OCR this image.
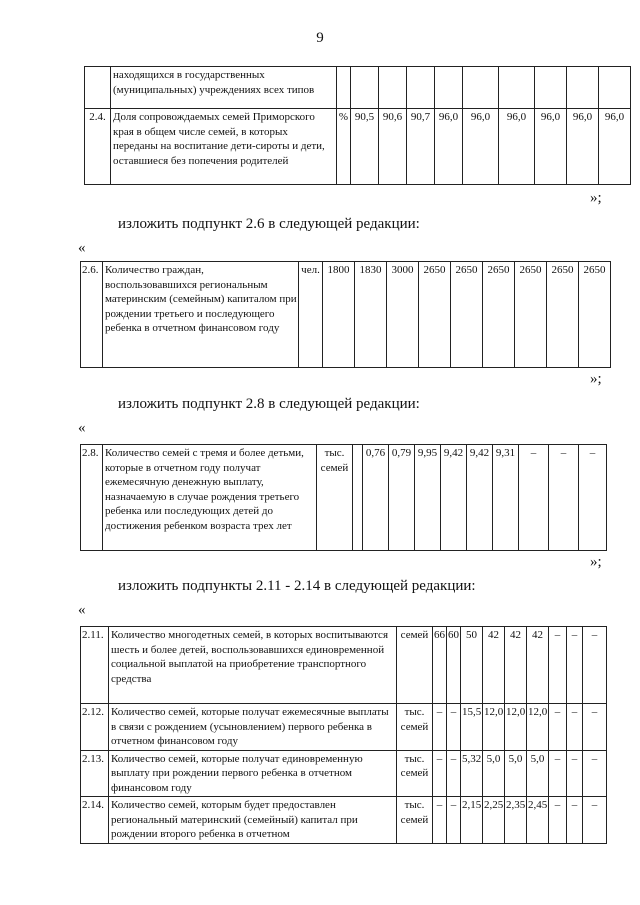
9
	находящихся в государственных (муниципальных) учреждениях всех типов										
2.4.	Доля сопровождаемых семей Приморского края в общем числе семей, в которых переданы на воспитание дети-сироты и дети, оставшиеся без попечения родителей	%	90,5	90,6	90,7	96,0	96,0	96,0	96,0	96,0	96,0
»;
изложить подпункт 2.6 в следующей редакции:
«
2.6.	Количество граждан, воспользовавшихся региональным материнским (семейным) капиталом при рождении третьего и последующего ребенка в отчетном финансовом году	чел.	1800	1830	3000	2650	2650	2650	2650	2650	2650
»;
изложить подпункт 2.8 в следующей редакции:
«
2.8.	Количество семей с тремя и более детьми, которые в отчетном году получат ежемесячную денежную выплату, назначаемую в случае рождения третьего ребенка или последующих детей до достижения ребенком возраста трех лет	тыс. семей		0,76	0,79	9,95	9,42	9,42	9,31	–	–	–
»;
изложить подпункты 2.11 - 2.14 в следующей редакции:
«
2.11.	Количество многодетных семей, в которых воспитываются шесть и более детей, воспользовавшихся единовременной социальной выплатой на приобретение транспортного средства	семей	66	60	50	42	42	42	–	–	–
2.12.	Количество семей, которые получат ежемесячные выплаты в связи с рождением (усыновлением) первого ребенка в отчетном финансовом году	тыс. семей	–	–	15,5	12,0	12,0	12,0	–	–	–
2.13.	Количество семей, которые получат единовременную выплату при рождении первого ребенка в отчетном финансовом году	тыс. семей	–	–	5,32	5,0	5,0	5,0	–	–	–
2.14.	Количество семей, которым будет предоставлен региональный материнский (семейный) капитал при рождении второго ребенка в отчетном	тыс. семей	–	–	2,15	2,25	2,35	2,45	–	–	–
